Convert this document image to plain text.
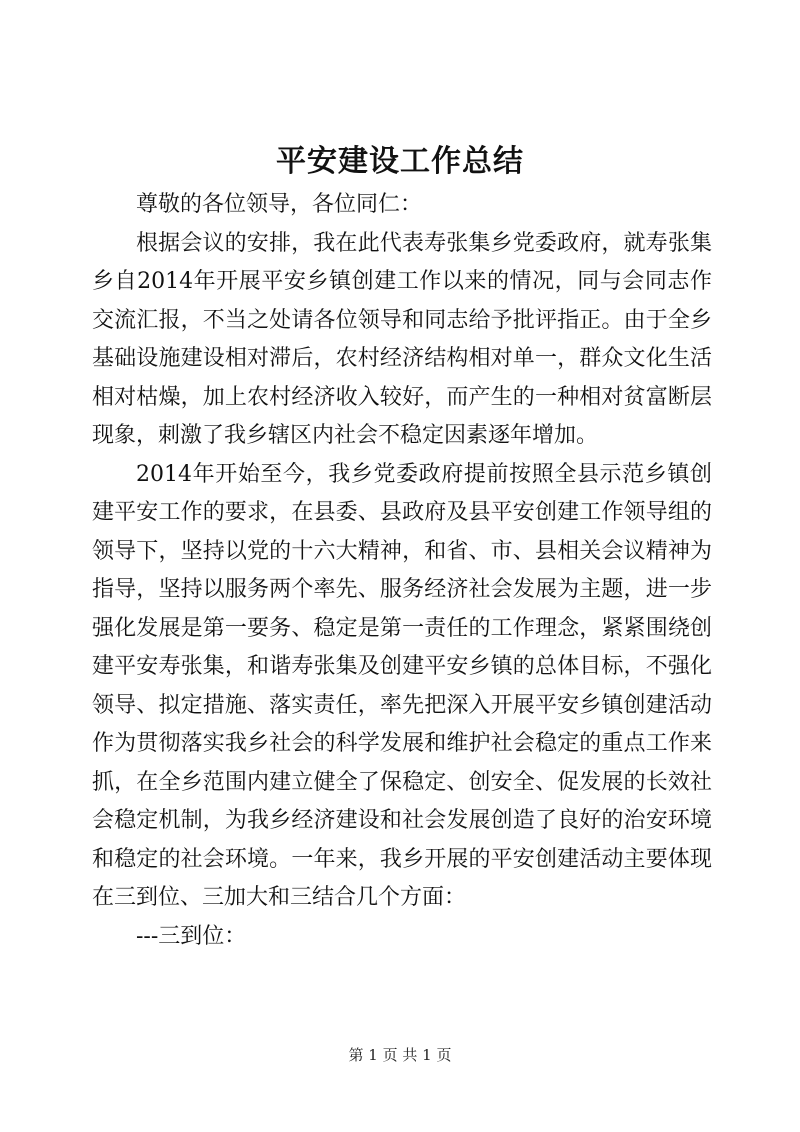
平安建设工作总结

尊敬的各位领导，各位同仁：

根据会议的安排，我在此代表寿张集乡党委政府，就寿张集乡自2014年开展平安乡镇创建工作以来的情况，同与会同志作交流汇报，不当之处请各位领导和同志给予批评指正。由于全乡基础设施建设相对滞后，农村经济结构相对单一，群众文化生活相对枯燥，加上农村经济收入较好，而产生的一种相对贫富断层现象，刺激了我乡辖区内社会不稳定因素逐年增加。

2014年开始至今，我乡党委政府提前按照全县示范乡镇创建平安工作的要求，在县委、县政府及县平安创建工作领导组的领导下，坚持以党的十六大精神，和省、市、县相关会议精神为指导，坚持以服务两个率先、服务经济社会发展为主题，进一步强化发展是第一要务、稳定是第一责任的工作理念，紧紧围绕创建平安寿张集，和谐寿张集及创建平安乡镇的总体目标，不强化领导、拟定措施、落实责任，率先把深入开展平安乡镇创建活动作为贯彻落实我乡社会的科学发展和维护社会稳定的重点工作来抓，在全乡范围内建立健全了保稳定、创安全、促发展的长效社会稳定机制，为我乡经济建设和社会发展创造了良好的治安环境和稳定的社会环境。一年来，我乡开展的平安创建活动主要体现在三到位、三加大和三结合几个方面：

---三到位：

第 1 页 共 1 页
